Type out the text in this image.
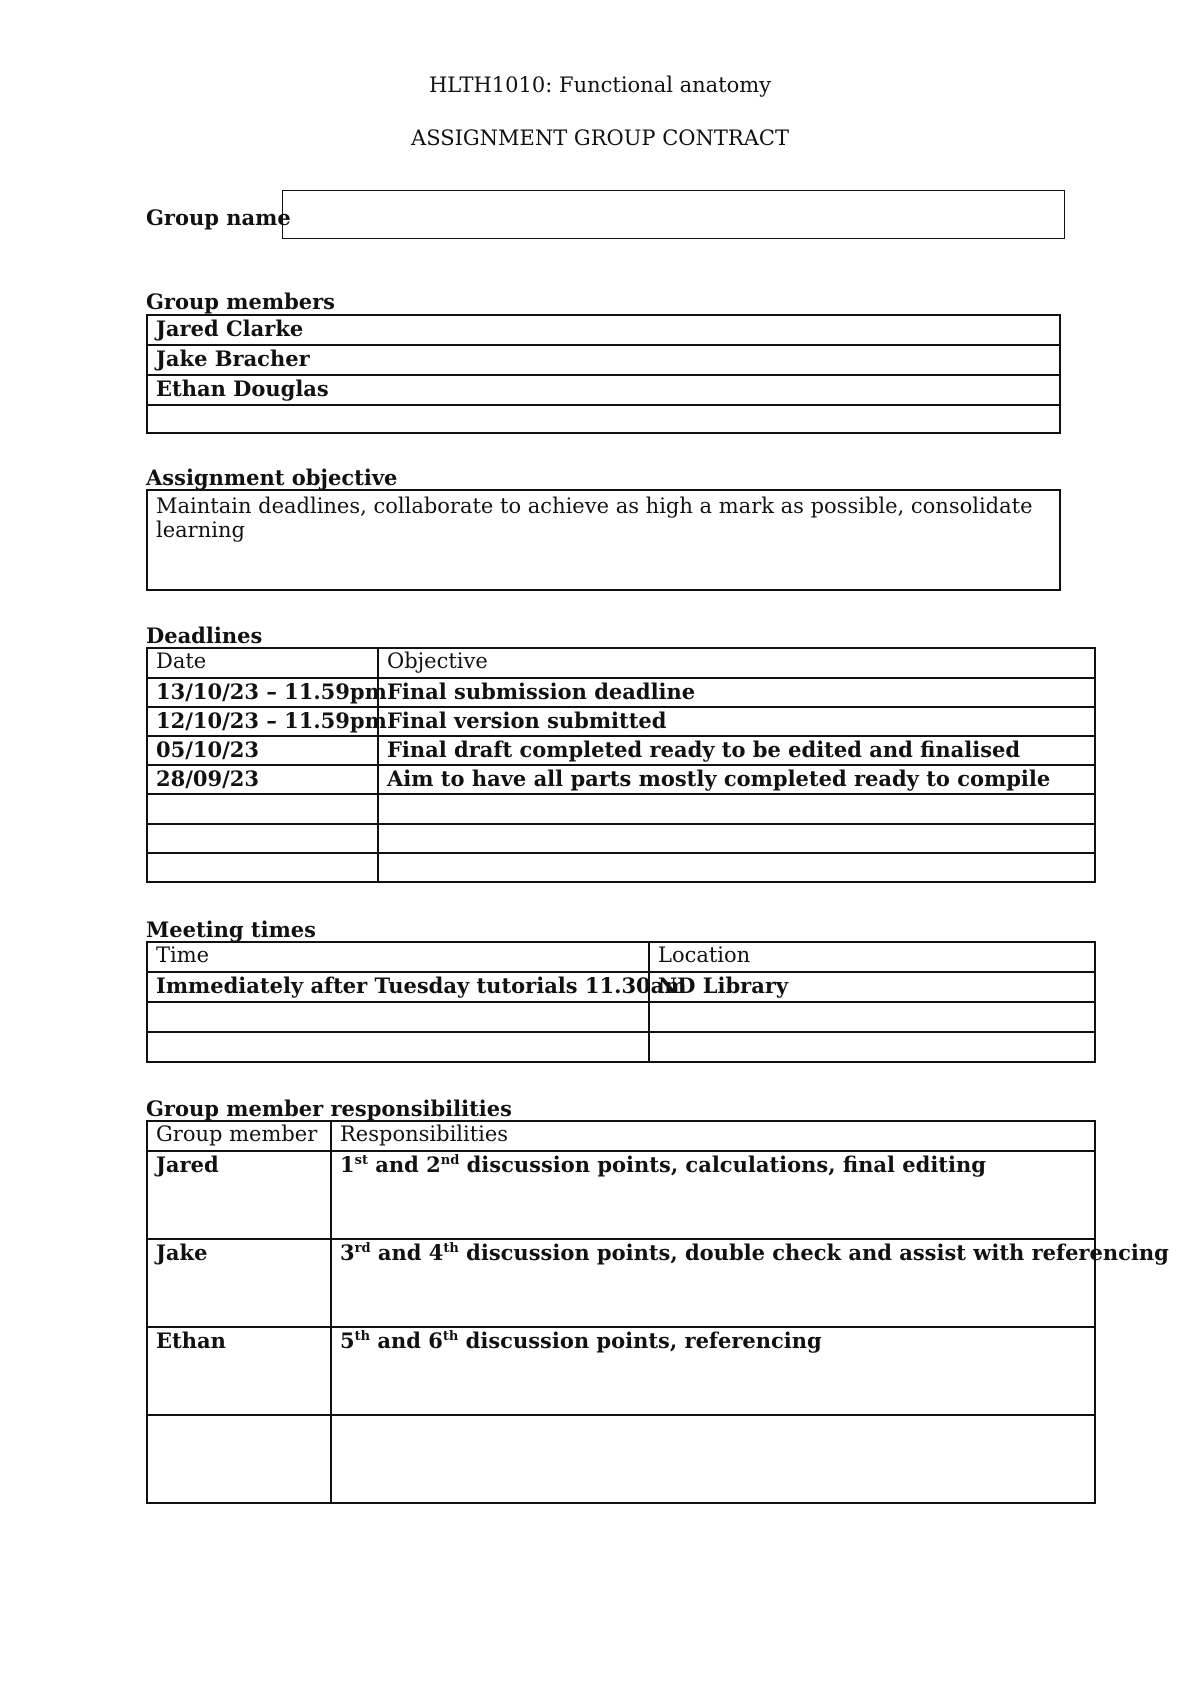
HLTH1010: Functional anatomy
ASSIGNMENT GROUP CONTRACT
Group name
Group members
Jared Clarke
Jake Bracher
Ethan Douglas

Assignment objective
Maintain deadlines, collaborate to achieve as high a mark as possible, consolidate learning
Deadlines
Date	Objective
13/10/23 – 11.59pm	Final submission deadline
12/10/23 – 11.59pm	Final version submitted
05/10/23	Final draft completed ready to be edited and finalised
28/09/23	Aim to have all parts mostly completed ready to compile

Meeting times
Time	Location
Immediately after Tuesday tutorials 11.30am	ND Library

Group member responsibilities
Group member	Responsibilities
Jared	1st and 2nd discussion points, calculations, final editing
Jake	3rd and 4th discussion points, double check and assist with referencing
Ethan	5th and 6th discussion points, referencing
